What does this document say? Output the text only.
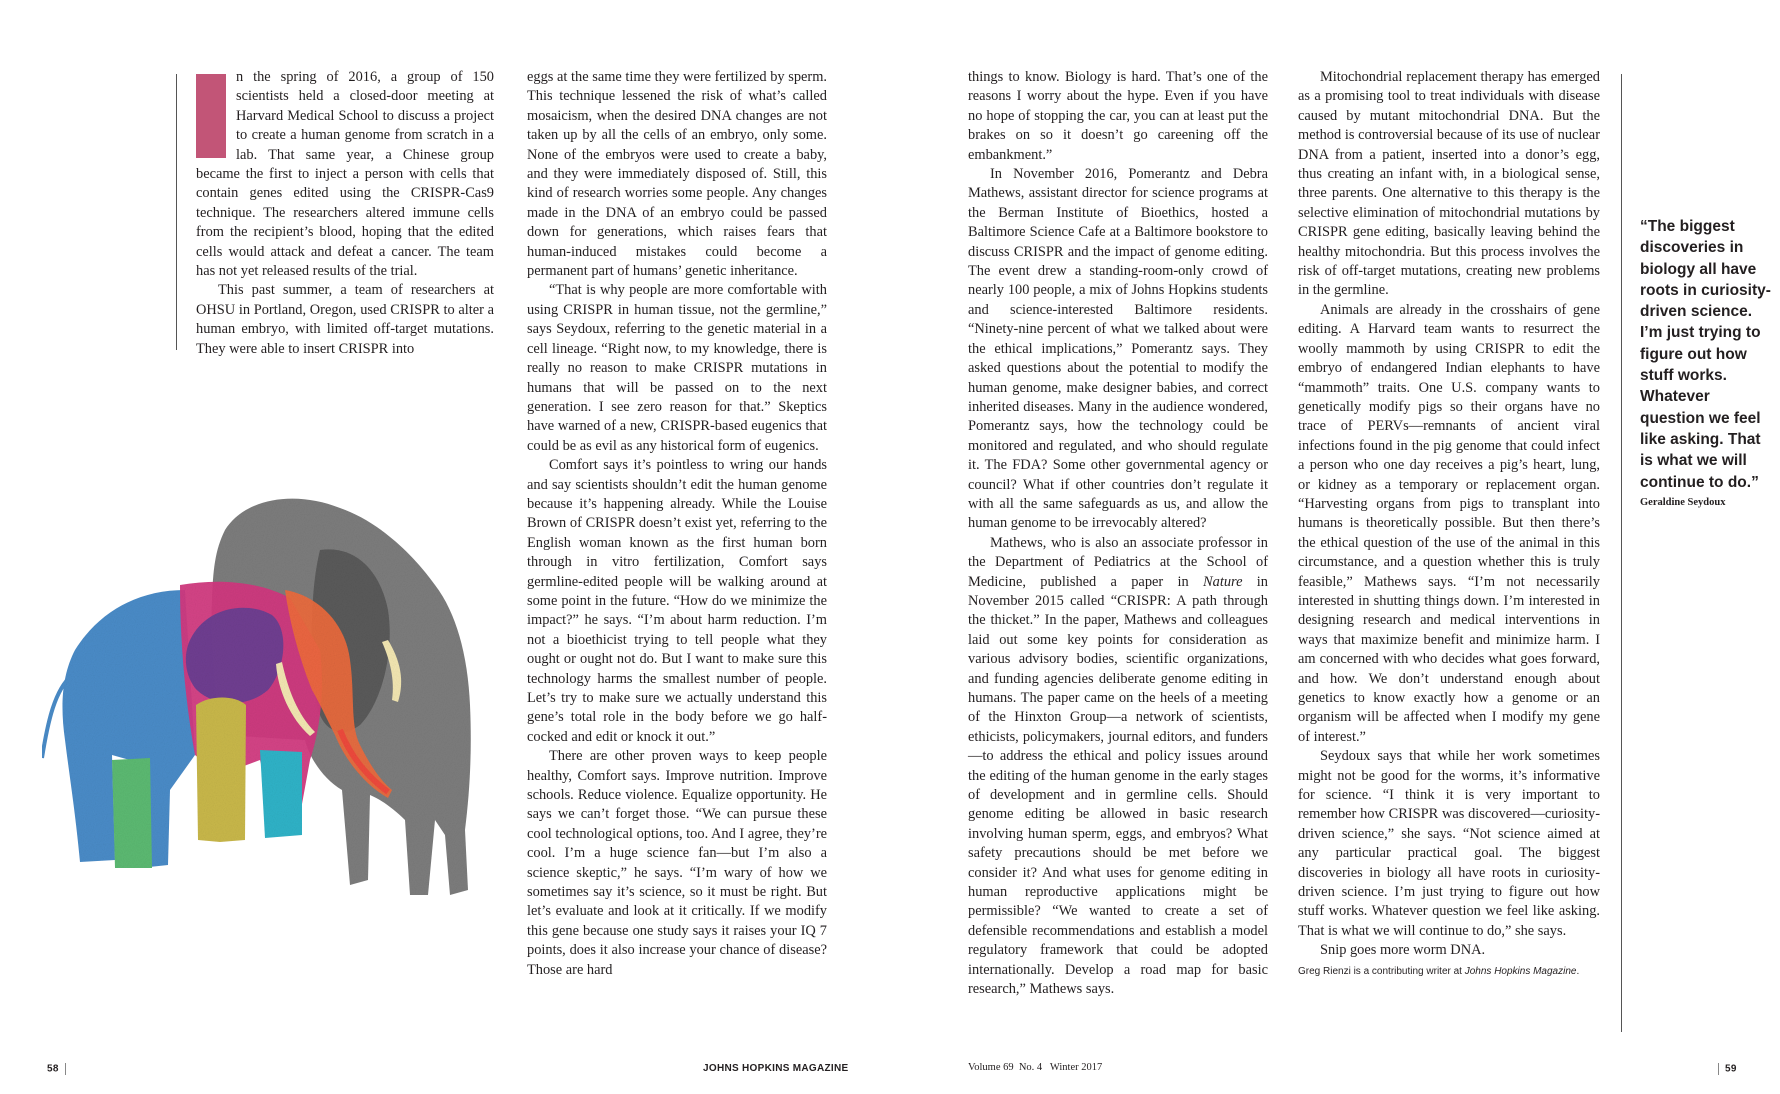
n the spring of 2016, a group of 150 scientists held a closed-door meeting at Harvard Medical School to discuss a project to create a human genome from scratch in a lab. That same year, a Chinese group became the first to inject a person with cells that contain genes edited using the CRISPR-Cas9 technique. The researchers altered immune cells from the recipient’s blood, hoping that the edited cells would attack and defeat a cancer. The team has not yet released results of the trial.

This past summer, a team of researchers at OHSU in Portland, Oregon, used CRISPR to alter a human embryo, with limited off-target mutations. They were able to insert CRISPR into

eggs at the same time they were fertilized by sperm. This technique lessened the risk of what’s called mosaicism, when the desired DNA changes are not taken up by all the cells of an embryo, only some. None of the embryos were used to create a baby, and they were immediately disposed of. Still, this kind of research worries some people. Any changes made in the DNA of an embryo could be passed down for generations, which raises fears that human-induced mistakes could become a permanent part of humans’ genetic inheritance.

“That is why people are more comfortable with using CRISPR in human tissue, not the germline,” says Seydoux, referring to the genetic material in a cell lineage. “Right now, to my knowledge, there is really no reason to make CRISPR mutations in humans that will be passed on to the next generation. I see zero reason for that.” Skeptics have warned of a new, CRISPR-based eugenics that could be as evil as any historical form of eugenics.

Comfort says it’s pointless to wring our hands and say scientists shouldn’t edit the human genome because it’s happening already. While the Louise Brown of CRISPR doesn’t exist yet, referring to the English woman known as the first human born through in vitro fertilization, Comfort says germline-edited people will be walking around at some point in the future. “How do we minimize the impact?” he says. “I’m about harm reduction. I’m not a bioethicist trying to tell people what they ought or ought not do. But I want to make sure this technology harms the smallest number of people. Let’s try to make sure we actually understand this gene’s total role in the body before we go half-cocked and edit or knock it out.”

There are other proven ways to keep people healthy, Comfort says. Improve nutrition. Improve schools. Reduce violence. Equalize opportunity. He says we can’t forget those. “We can pursue these cool technological options, too. And I agree, they’re cool. I’m a huge science fan—but I’m also a science skeptic,” he says. “I’m wary of how we sometimes say it’s science, so it must be right. But let’s evaluate and look at it critically. If we modify this gene because one study says it raises your IQ 7 points, does it also increase your chance of disease? Those are hard

things to know. Biology is hard. That’s one of the reasons I worry about the hype. Even if you have no hope of stopping the car, you can at least put the brakes on so it doesn’t go careening off the embankment.”

In November 2016, Pomerantz and Debra Mathews, assistant director for science programs at the Berman Institute of Bioethics, hosted a Baltimore Science Cafe at a Baltimore bookstore to discuss CRISPR and the impact of genome editing. The event drew a standing-room-only crowd of nearly 100 people, a mix of Johns Hopkins students and science-interested Baltimore residents. “Ninety-nine percent of what we talked about were the ethical implications,” Pomerantz says. They asked questions about the potential to modify the human genome, make designer babies, and correct inherited diseases. Many in the audience wondered, Pomerantz says, how the technology could be monitored and regulated, and who should regulate it. The FDA? Some other governmental agency or council? What if other countries don’t regulate it with all the same safeguards as us, and allow the human genome to be irrevocably altered?

Mathews, who is also an associate professor in the Department of Pediatrics at the School of Medicine, published a paper in Nature in November 2015 called “CRISPR: A path through the thicket.” In the paper, Mathews and colleagues laid out some key points for consideration as various advisory bodies, scientific organizations, and funding agencies deliberate genome editing in humans. The paper came on the heels of a meeting of the Hinxton Group—a network of scientists, ethicists, policymakers, journal editors, and funders—to address the ethical and policy issues around the editing of the human genome in the early stages of development and in germline cells. Should genome editing be allowed in basic research involving human sperm, eggs, and embryos? What safety precautions should be met before we consider it? And what uses for genome editing in human reproductive applications might be permissible? “We wanted to create a set of defensible recommendations and establish a model regulatory framework that could be adopted internationally. Develop a road map for basic research,” Mathews says.

Mitochondrial replacement therapy has emerged as a promising tool to treat individuals with disease caused by mutant mitochondrial DNA. But the method is controversial because of its use of nuclear DNA from a patient, inserted into a donor’s egg, thus creating an infant with, in a biological sense, three parents. One alternative to this therapy is the selective elimination of mitochondrial mutations by CRISPR gene editing, basically leaving behind the healthy mitochondria. But this process involves the risk of off-target mutations, creating new problems in the germline.

Animals are already in the crosshairs of gene editing. A Harvard team wants to resurrect the woolly mammoth by using CRISPR to edit the embryo of endangered Indian elephants to have “mammoth” traits. One U.S. company wants to genetically modify pigs so their organs have no trace of PERVs—remnants of ancient viral infections found in the pig genome that could infect a person who one day receives a pig’s heart, lung, or kidney as a temporary or replacement organ. “Harvesting organs from pigs to transplant into humans is theoretically possible. But then there’s the ethical question of the use of the animal in this circumstance, and a question whether this is truly feasible,” Mathews says. “I’m not necessarily interested in shutting things down. I’m interested in designing research and medical interventions in ways that maximize benefit and minimize harm. I am concerned with who decides what goes forward, and how. We don’t understand enough about genetics to know exactly how a genome or an organism will be affected when I modify my gene of interest.”

Seydoux says that while her work sometimes might not be good for the worms, it’s informative for science. “I think it is very important to remember how CRISPR was discovered—curiosity-driven science,” she says. “Not science aimed at any particular practical goal. The biggest discoveries in biology all have roots in curiosity-driven science. I’m just trying to figure out how stuff works. Whatever question we feel like asking. That is what we will continue to do,” she says.

Snip goes more worm DNA.

Greg Rienzi is a contributing writer at Johns Hopkins Magazine.

“The biggest discoveries in biology all have roots in curiosity-driven science. I’m just trying to figure out how stuff works. Whatever question we feel like asking. That is what we will continue to do.”
Geraldine Seydoux
58	JOHNS HOPKINS MAGAZINE	Volume 69  No. 4   Winter 2017	59
